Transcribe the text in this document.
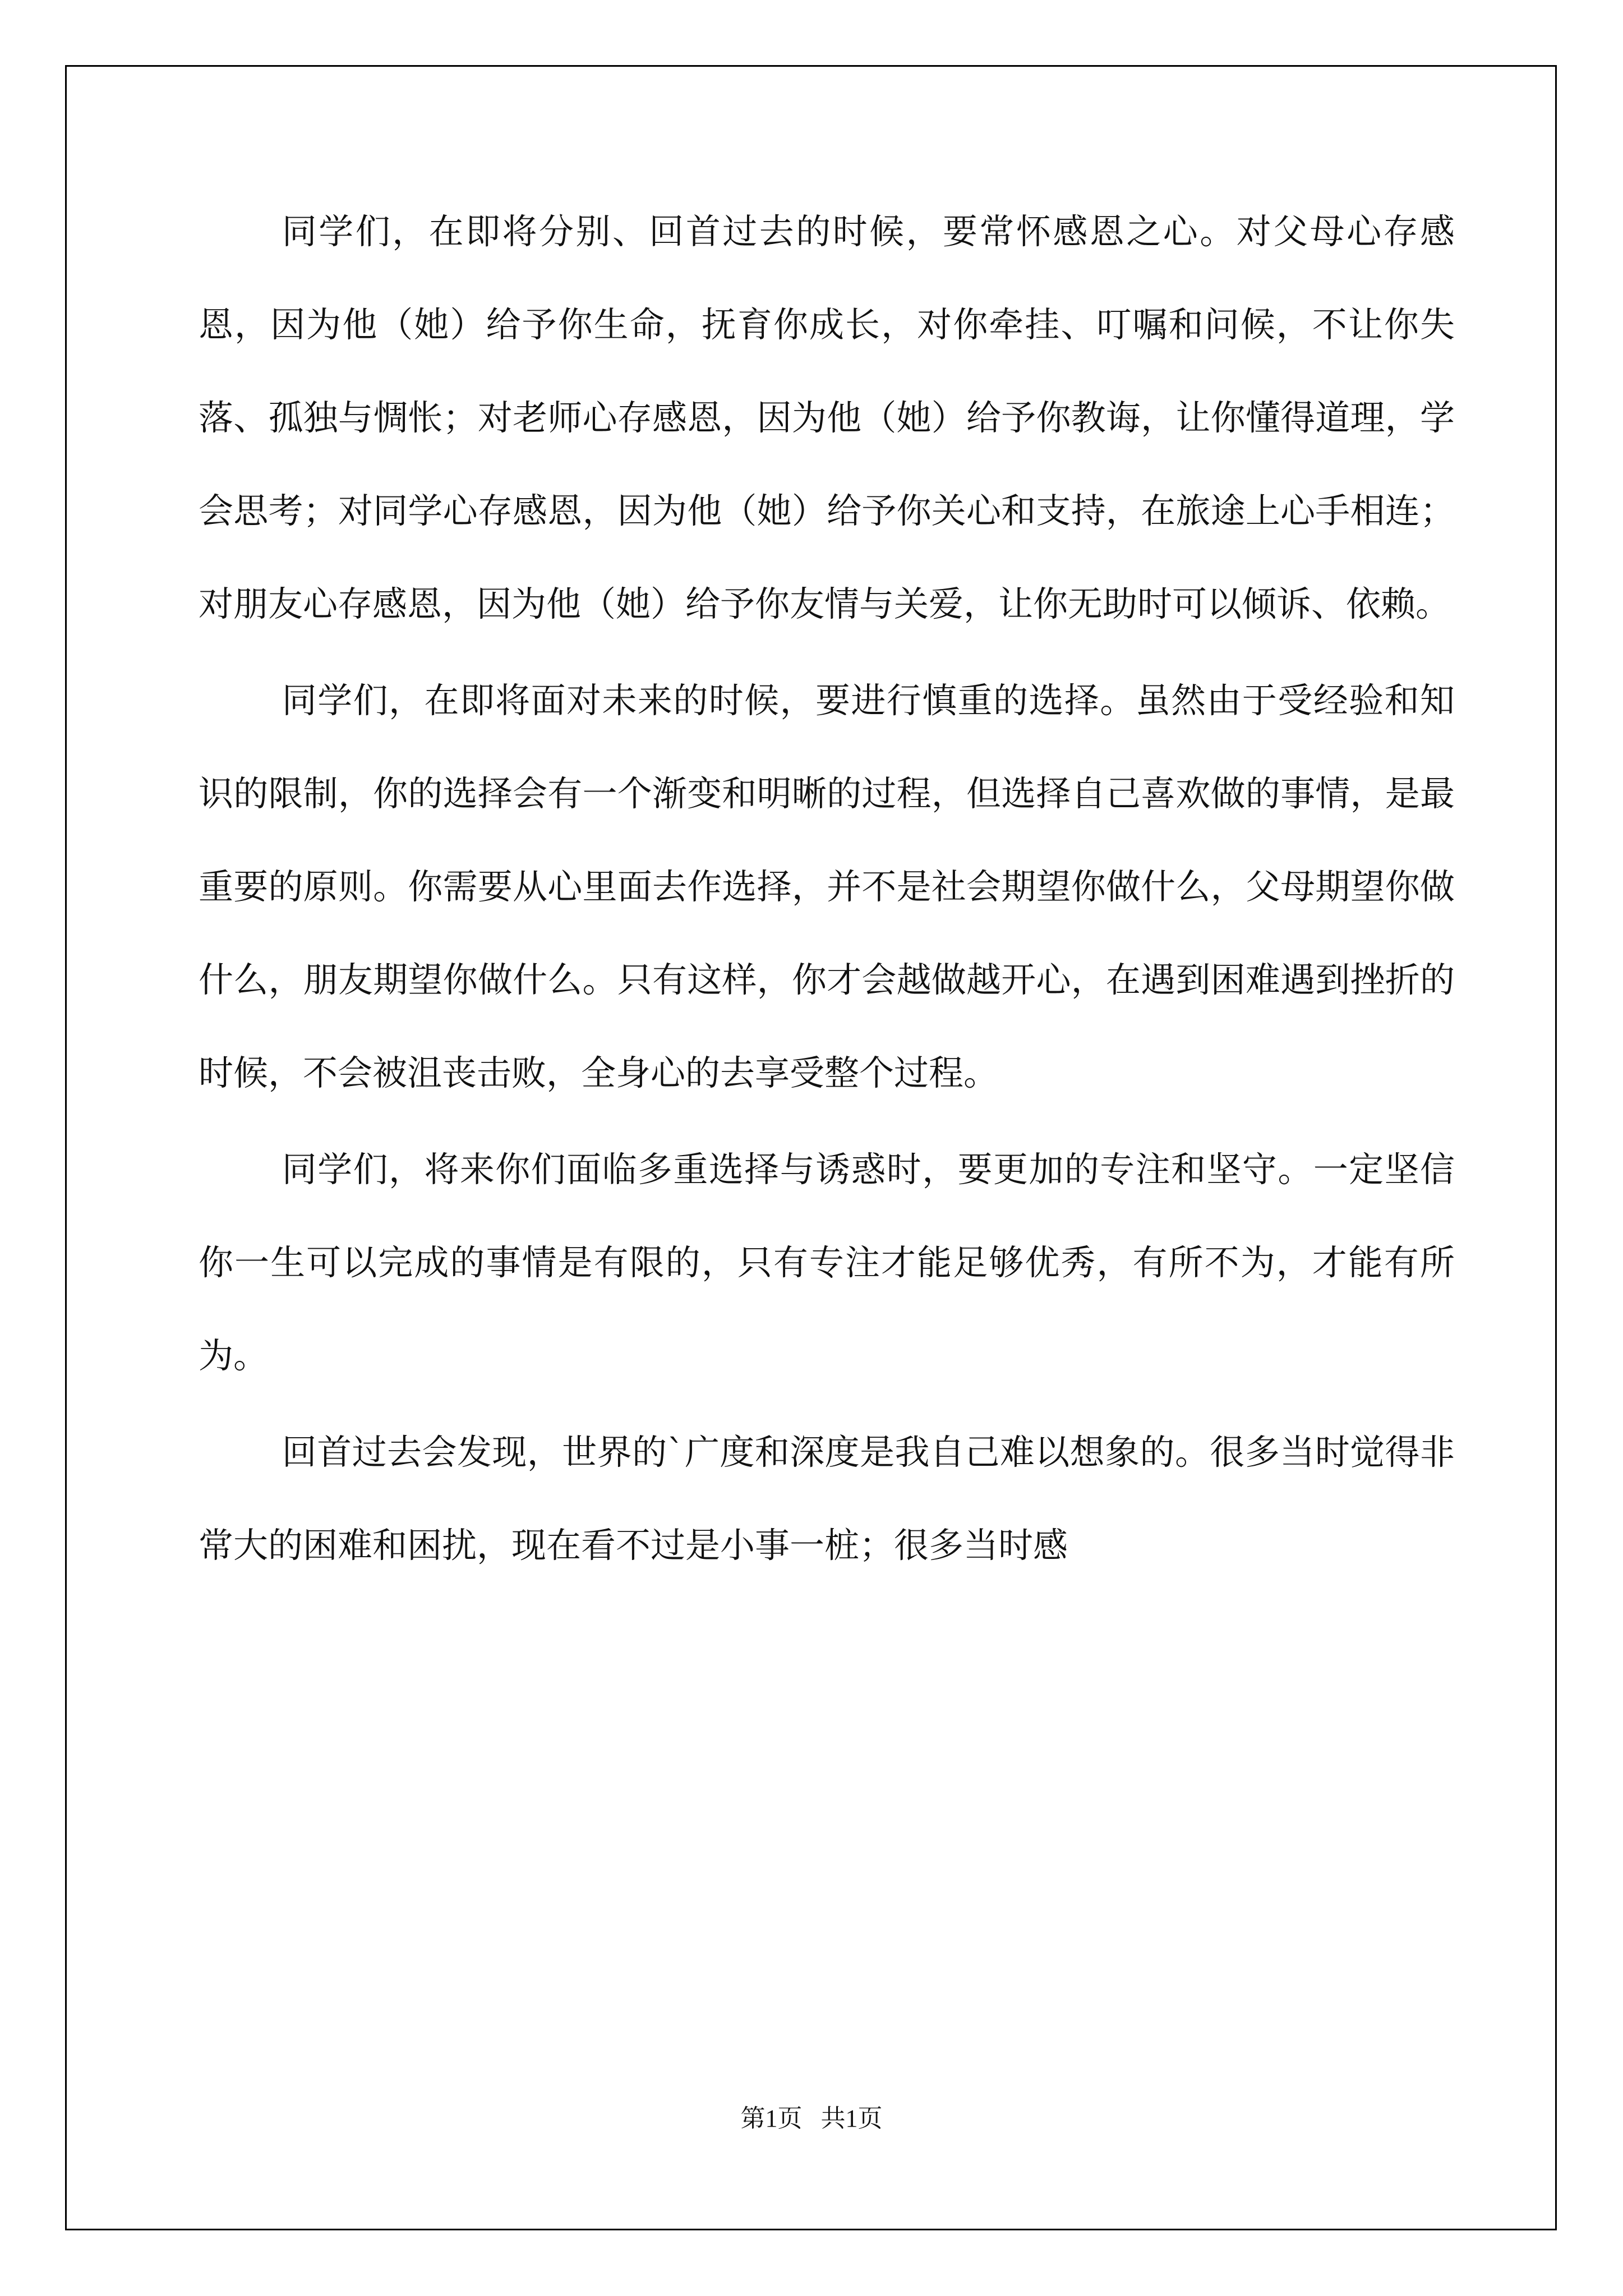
同学们，在即将分别、回首过去的时候，要常怀感恩之心。对父母心存感恩，因为他（她）给予你生命，抚育你成长，对你牵挂、叮嘱和问候，不让你失落、孤独与惆怅；对老师心存感恩，因为他（她）给予你教诲，让你懂得道理，学会思考；对同学心存感恩，因为他（她）给予你关心和支持，在旅途上心手相连；对朋友心存感恩，因为他（她）给予你友情与关爱，让你无助时可以倾诉、依赖。

同学们，在即将面对未来的时候，要进行慎重的选择。虽然由于受经验和知识的限制，你的选择会有一个渐变和明晰的过程，但选择自己喜欢做的事情，是最重要的原则。你需要从心里面去作选择，并不是社会期望你做什么，父母期望你做什么，朋友期望你做什么。只有这样，你才会越做越开心，在遇到困难遇到挫折的时候，不会被沮丧击败，全身心的去享受整个过程。

同学们，将来你们面临多重选择与诱惑时，要更加的专注和坚守。一定坚信你一生可以完成的事情是有限的，只有专注才能足够优秀，有所不为，才能有所为。

回首过去会发现，世界的`广度和深度是我自己难以想象的。很多当时觉得非常大的困难和困扰，现在看不过是小事一桩；很多当时感

第1页 共1页
